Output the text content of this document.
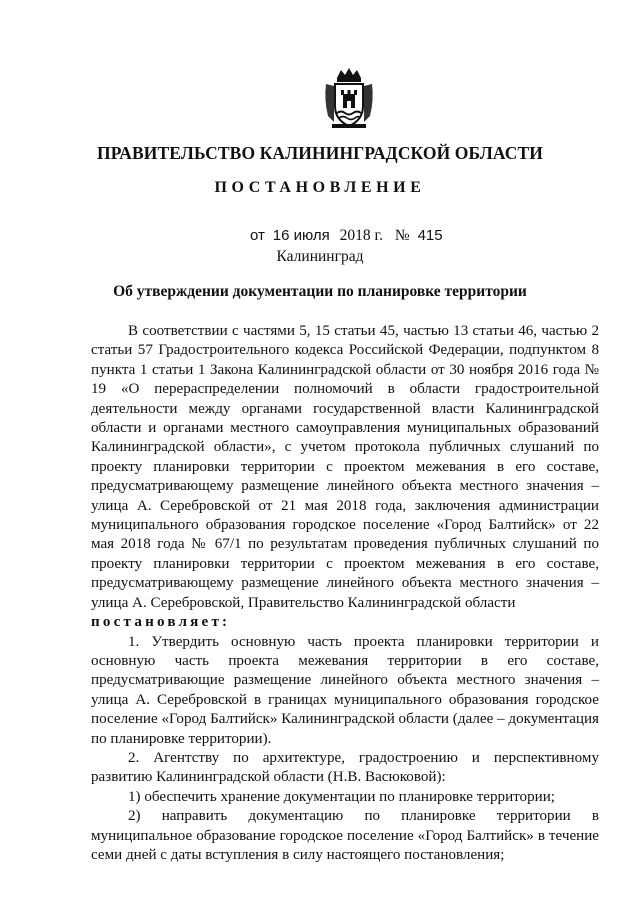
ПРАВИТЕЛЬСТВО КАЛИНИНГРАДСКОЙ ОБЛАСТИ
ПОСТАНОВЛЕНИЕ
от 16 июля 2018 г. № 415
Калининград
Об утверждении документации по планировке территории

В соответствии с частями 5, 15 статьи 45, частью 13 статьи 46, частью 2 статьи 57 Градостроительного кодекса Российской Федерации, подпунктом 8 пункта 1 статьи 1 Закона Калининградской области от 30 ноября 2016 года № 19 «О перераспределении полномочий в области градостроительной деятельности между органами государственной власти Калининградской области и органами местного самоуправления муниципальных образований Калининградской области», с учетом протокола публичных слушаний по проекту планировки территории с проектом межевания в его составе, предусматривающему размещение линейного объекта местного значения – улица А. Серебровской от 21 мая 2018 года, заключения администрации муниципального образования городское поселение «Город Балтийск» от 22 мая 2018 года № 67/1 по результатам проведения публичных слушаний по проекту планировки территории с проектом межевания в его составе, предусматривающему размещение линейного объекта местного значения – улица А. Серебровской, Правительство Калининградской области

постановляет:

1. Утвердить основную часть проекта планировки территории и основную часть проекта межевания территории в его составе, предусматривающие размещение линейного объекта местного значения – улица А. Серебровской в границах муниципального образования городское поселение «Город Балтийск» Калининградской области (далее – документация по планировке территории).

2. Агентству по архитектуре, градостроению и перспективному развитию Калининградской области (Н.В. Васюковой):

1) обеспечить хранение документации по планировке территории;

2) направить документацию по планировке территории в муниципальное образование городское поселение «Город Балтийск» в течение семи дней с даты вступления в силу настоящего постановления;
